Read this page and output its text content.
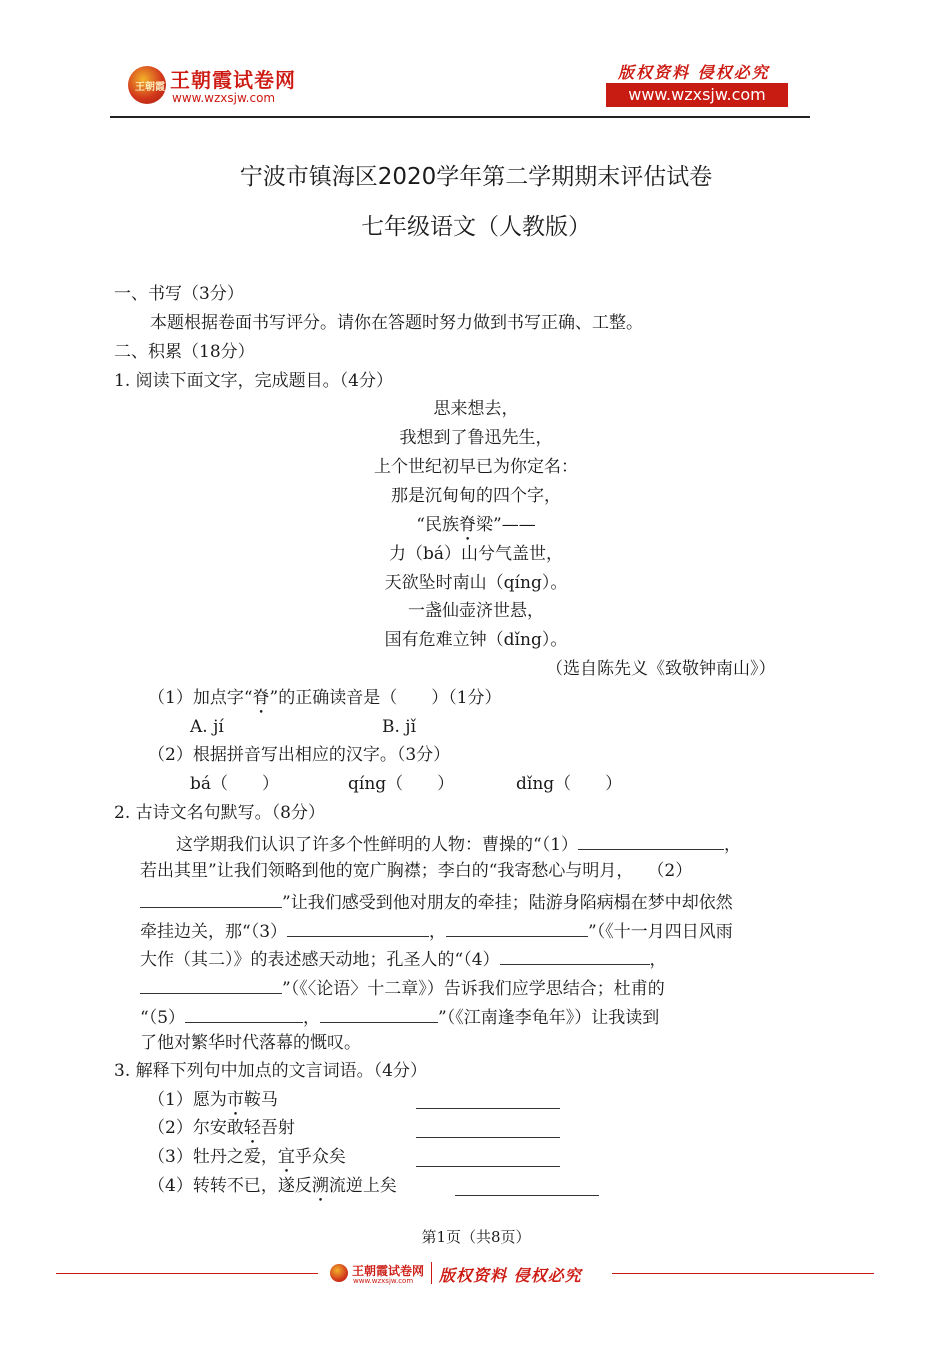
王朝霞 王朝霞试卷网
www.wzxsjw.com
版权资料 侵权必究
www.wzxsjw.com
宁波市镇海区2020学年第二学期期末评估试卷
七年级语文（人教版）
一、书写（3分）
本题根据卷面书写评分。请你在答题时努力做到书写正确、工整。
二、积累（18分）
1. 阅读下面文字，完成题目。（4分）
思来想去，
我想到了鲁迅先生，
上个世纪初早已为你定名：
那是沉甸甸的四个字，
“民族脊梁”——
力（bá）山兮气盖世，
天欲坠时南山（qíng）。
一盏仙壶济世悬，
国有危难立钟（dǐng）。
（选自陈先义《致敬钟南山》）
（1）加点字“脊”的正确读音是（　　）（1分）
A. jí	B. jǐ
（2）根据拼音写出相应的汉字。（3分）
bá（　　）	qíng（　　）	dǐng（　　）
2. 古诗文名句默写。（8分）
这学期我们认识了许多个性鲜明的人物：曹操的“（1）	，
若出其里”让我们领略到他的宽广胸襟；李白的“我寄愁心与明月， （2）
”让我们感受到他对朋友的牵挂；陆游身陷病榻在梦中却依然
牵挂边关，那“（3）	，	”（《十一月四日风雨
大作（其二）》的表述感天动地；孔圣人的“（4）	，
”（《〈论语〉十二章》）告诉我们应学思结合；杜甫的
“（5）	，	”（《江南逢李龟年》）让我读到
了他对繁华时代落幕的慨叹。
3. 解释下列句中加点的文言词语。（4分）
（1）愿为市鞍马
（2）尔安敢轻吾射
（3）牡丹之爱，宜乎众矣
（4）转转不已，遂反溯流逆上矣
第1页（共8页）
王朝霞试卷网
www.wzxsjw.com 版权资料 侵权必究
